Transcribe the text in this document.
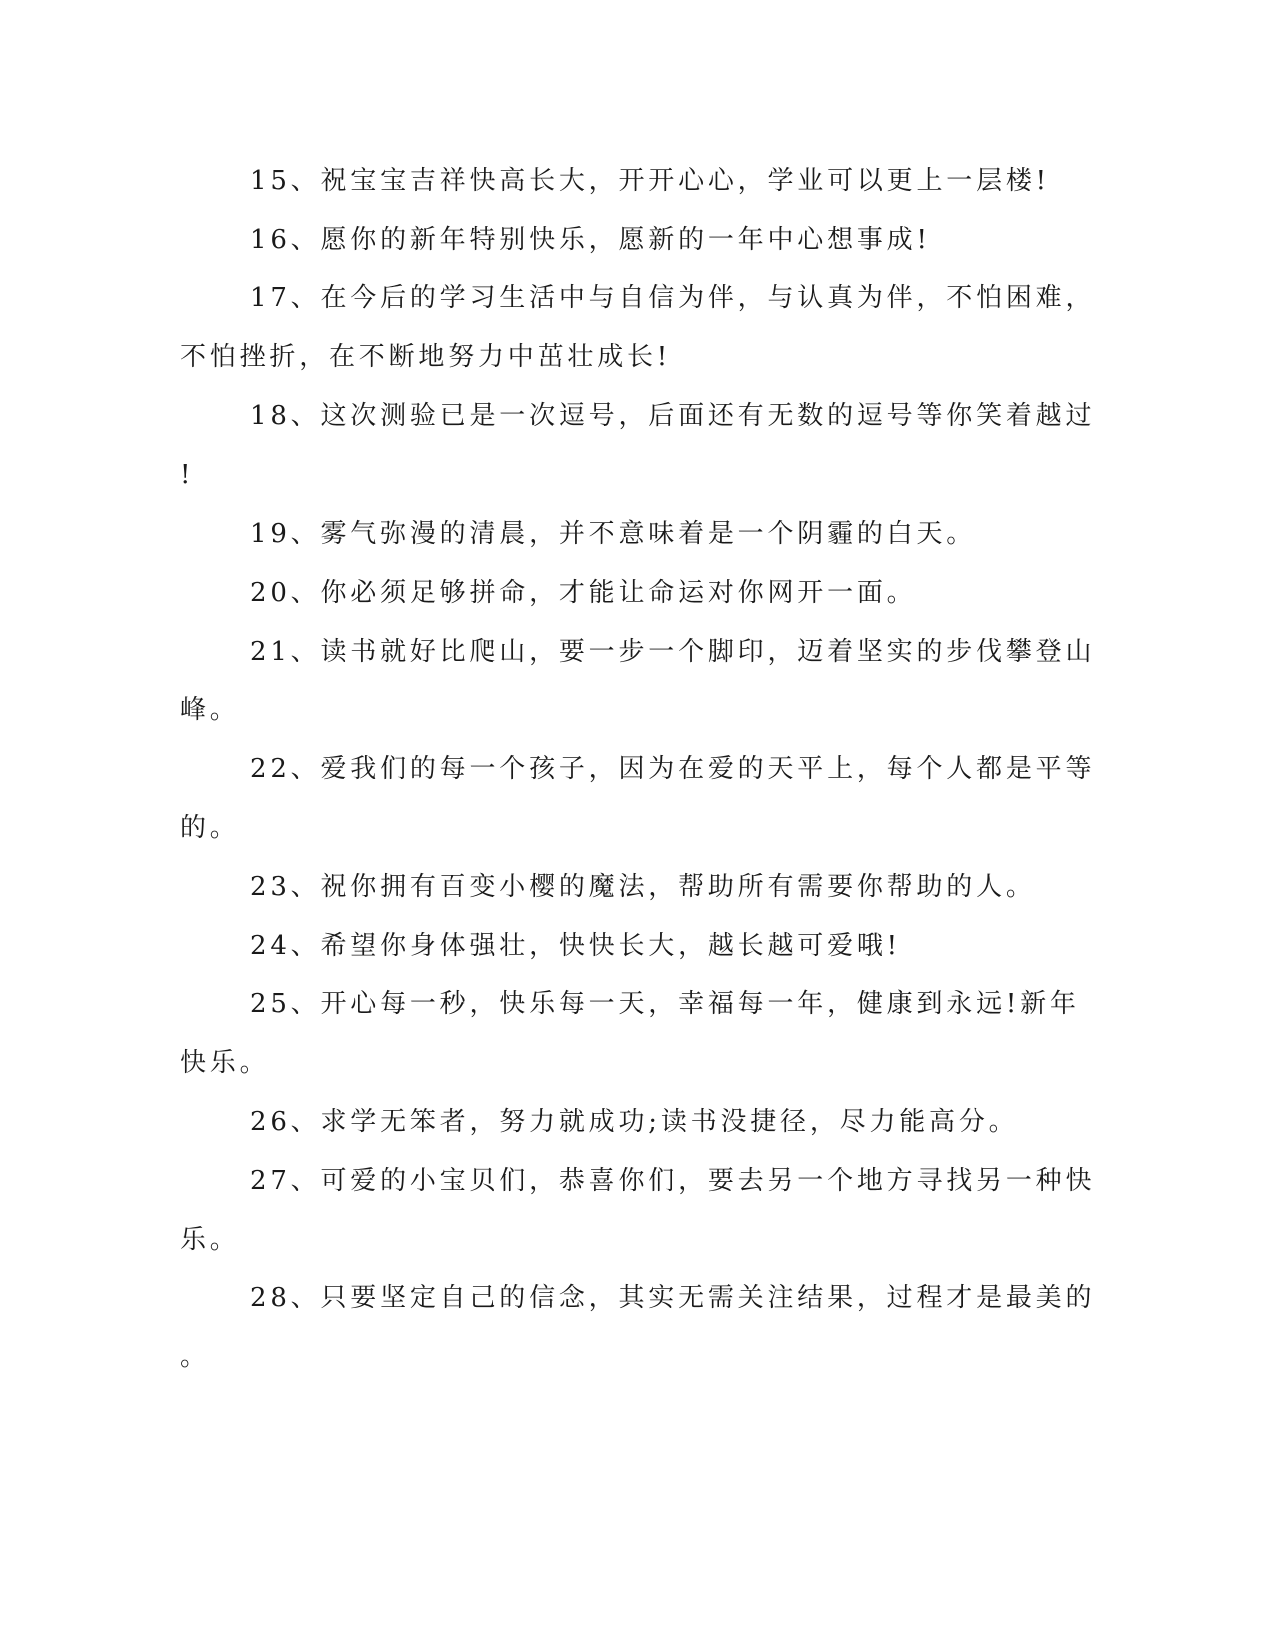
15、祝宝宝吉祥快高长大，开开心心，学业可以更上一层楼!
16、愿你的新年特别快乐，愿新的一年中心想事成!
17、在今后的学习生活中与自信为伴，与认真为伴，不怕困难，
不怕挫折，在不断地努力中茁壮成长!
18、这次测验已是一次逗号，后面还有无数的逗号等你笑着越过
!
19、雾气弥漫的清晨，并不意味着是一个阴霾的白天。
20、你必须足够拼命，才能让命运对你网开一面。
21、读书就好比爬山，要一步一个脚印，迈着坚实的步伐攀登山
峰。
22、爱我们的每一个孩子，因为在爱的天平上，每个人都是平等
的。
23、祝你拥有百变小樱的魔法，帮助所有需要你帮助的人。
24、希望你身体强壮，快快长大，越长越可爱哦!
25、开心每一秒，快乐每一天，幸福每一年，健康到永远!新年
快乐。
26、求学无笨者，努力就成功;读书没捷径，尽力能高分。
27、可爱的小宝贝们，恭喜你们，要去另一个地方寻找另一种快
乐。
28、只要坚定自己的信念，其实无需关注结果，过程才是最美的
。
